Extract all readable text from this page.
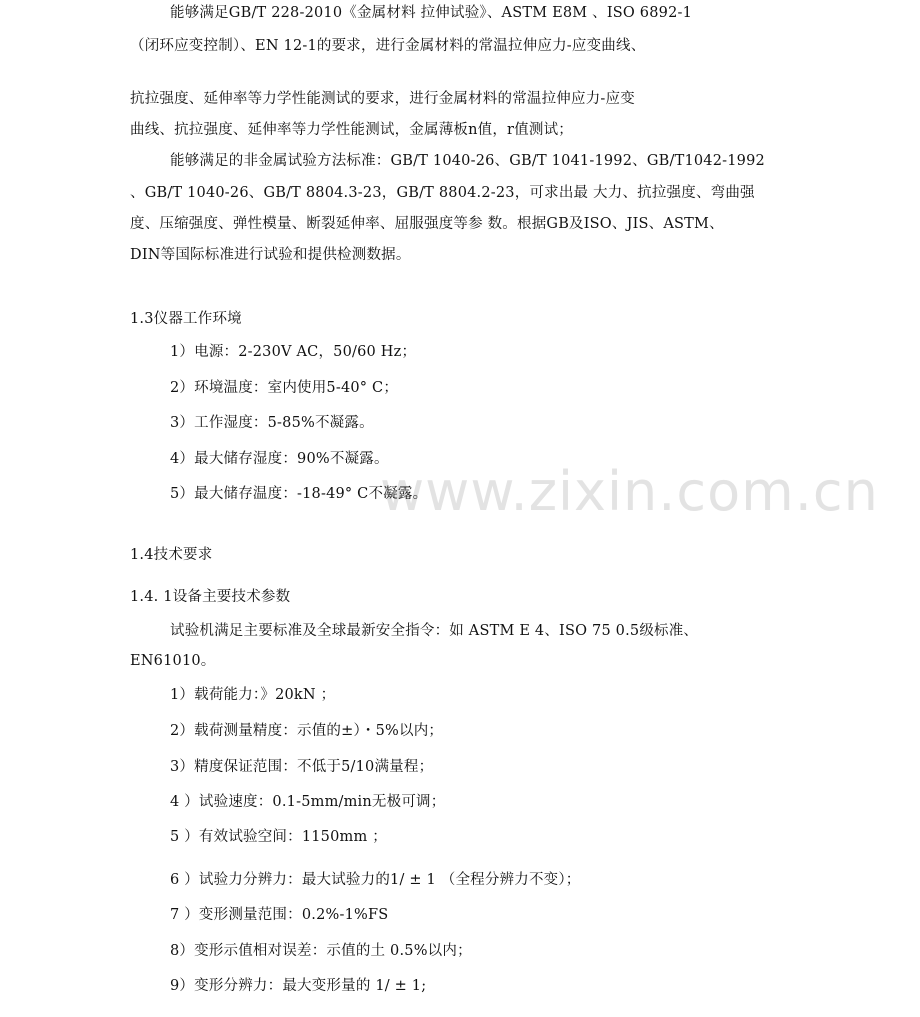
www.zixin.com.cn
能够满足GB/T 228-2010《金属材料 拉伸试验》、ASTM E8M 、ISO 6892-1
（闭环应变控制）、EN 12-1的要求，进行金属材料的常温拉伸应力-应变曲线、
抗拉强度、延伸率等力学性能测试的要求，进行金属材料的常温拉伸应力-应变
曲线、抗拉强度、延伸率等力学性能测试，金属薄板n值，r值测试；
能够满足的非金属试验方法标准：GB/T 1040-26、GB/T 1041-1992、GB/T1042-1992
、GB/T 1040-26、GB/T 8804.3-23，GB/T 8804.2-23，可求出最 大力、抗拉强度、弯曲强
度、压缩强度、弹性模量、断裂延伸率、屈服强度等参 数。根据GB及ISO、JIS、ASTM、
DIN等国际标准进行试验和提供检测数据。
1.3仪器工作环境
1）电源：2-230V AC，50/60 Hz；
2）环境温度：室内使用5-40° C；
3）工作湿度：5-85%不凝露。
4）最大储存湿度：90%不凝露。
5）最大储存温度：-18-49° C不凝露。
1.4技术要求
1.4. 1设备主要技术参数
试验机满足主要标准及全球最新安全指令：如 ASTM E 4、ISO 75 0.5级标准、
EN61010。
1）载荷能力：》20kN ；
2）载荷测量精度：示值的±）・5%以内；
3）精度保证范围：不低于5/10满量程；
4 ）试验速度：0.1-5mm/min无极可调；
5 ）有效试验空间：1150mm ；
6 ）试验力分辨力：最大试验力的1/ ± 1 （全程分辨力不变）；
7 ）变形测量范围：0.2%-1%FS
8）变形示值相对误差：示值的土 0.5%以内；
9）变形分辨力：最大变形量的 1/ ± 1;
